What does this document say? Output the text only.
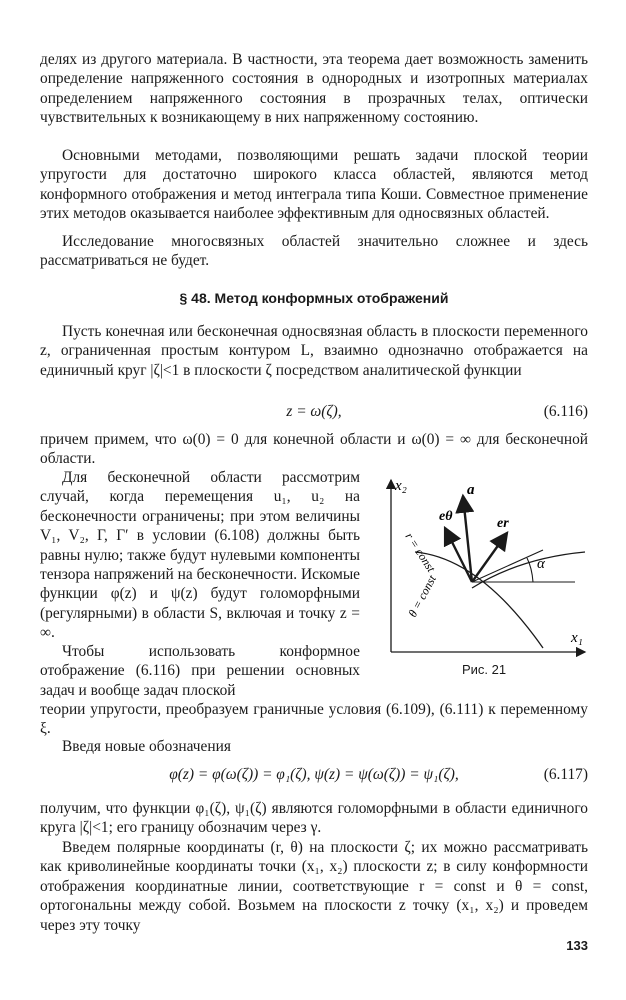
делях из другого материала. В частности, эта теорема дает возможность заменить определение напряженного состояния в однородных и изотропных материалах определением напряженного состояния в прозрачных телах, оптически чувствительных к возникающему в них напряженному состоянию.

Основными методами, позволяющими решать задачи плоской теории упругости для достаточно широкого класса областей, являются метод конформного отображения и метод интеграла типа Коши. Совместное применение этих методов оказывается наиболее эффективным для односвязных областей.

Исследование многосвязных областей значительно сложнее и здесь рассматриваться не будет.

§ 48. Метод конформных отображений

Пусть конечная или бесконечная односвязная область в плоскости переменного z, ограниченная простым контуром L, взаимно однозначно отображается на единичный круг |ζ|<1 в плоскости ζ посредством аналитической функции

z = ω(ζ),	(6.116)

причем примем, что ω(0) = 0 для конечной области и ω(0) = ∞ для бесконечной области.

Для бесконечной области рассмотрим случай, когда перемещения u₁, u₂ на бесконечности ограничены; при этом величины V₁, V₂, Γ, Γ′ в условии (6.108) должны быть равны нулю; также будут нулевыми компоненты тензора напряжений на бесконечности. Искомые функции φ(z) и ψ(z) будут голоморфными (регулярными) в области S, включая и точку z = ∞.

Чтобы использовать конформное отображение (6.116) при решении основных задач и вообще задач плоской

теории упругости, преобразуем граничные условия (6.109), (6.111) к переменному ξ.

Введя новые обозначения

φ(z) = φ(ω(ζ)) = φ₁(ζ), ψ(z) = ψ(ω(ζ)) = ψ₁(ζ),	(6.117)

получим, что функции φ₁(ζ), ψ₁(ζ) являются голоморфными в области единичного круга |ζ|<1; его границу обозначим через γ.

Введем полярные координаты (r, θ) на плоскости ζ; их можно рассматривать как криволинейные координаты точки (x₁, x₂) плоскости z; в силу конформности отображения координатные линии, соответствующие r = const и θ = const, ортогональны между собой. Возьмем на плоскости z точку (x₁, x₂) и проведем через эту точку

x₂
x₁
a
eθ	er
α
r = const
θ = const

Рис. 21

133
